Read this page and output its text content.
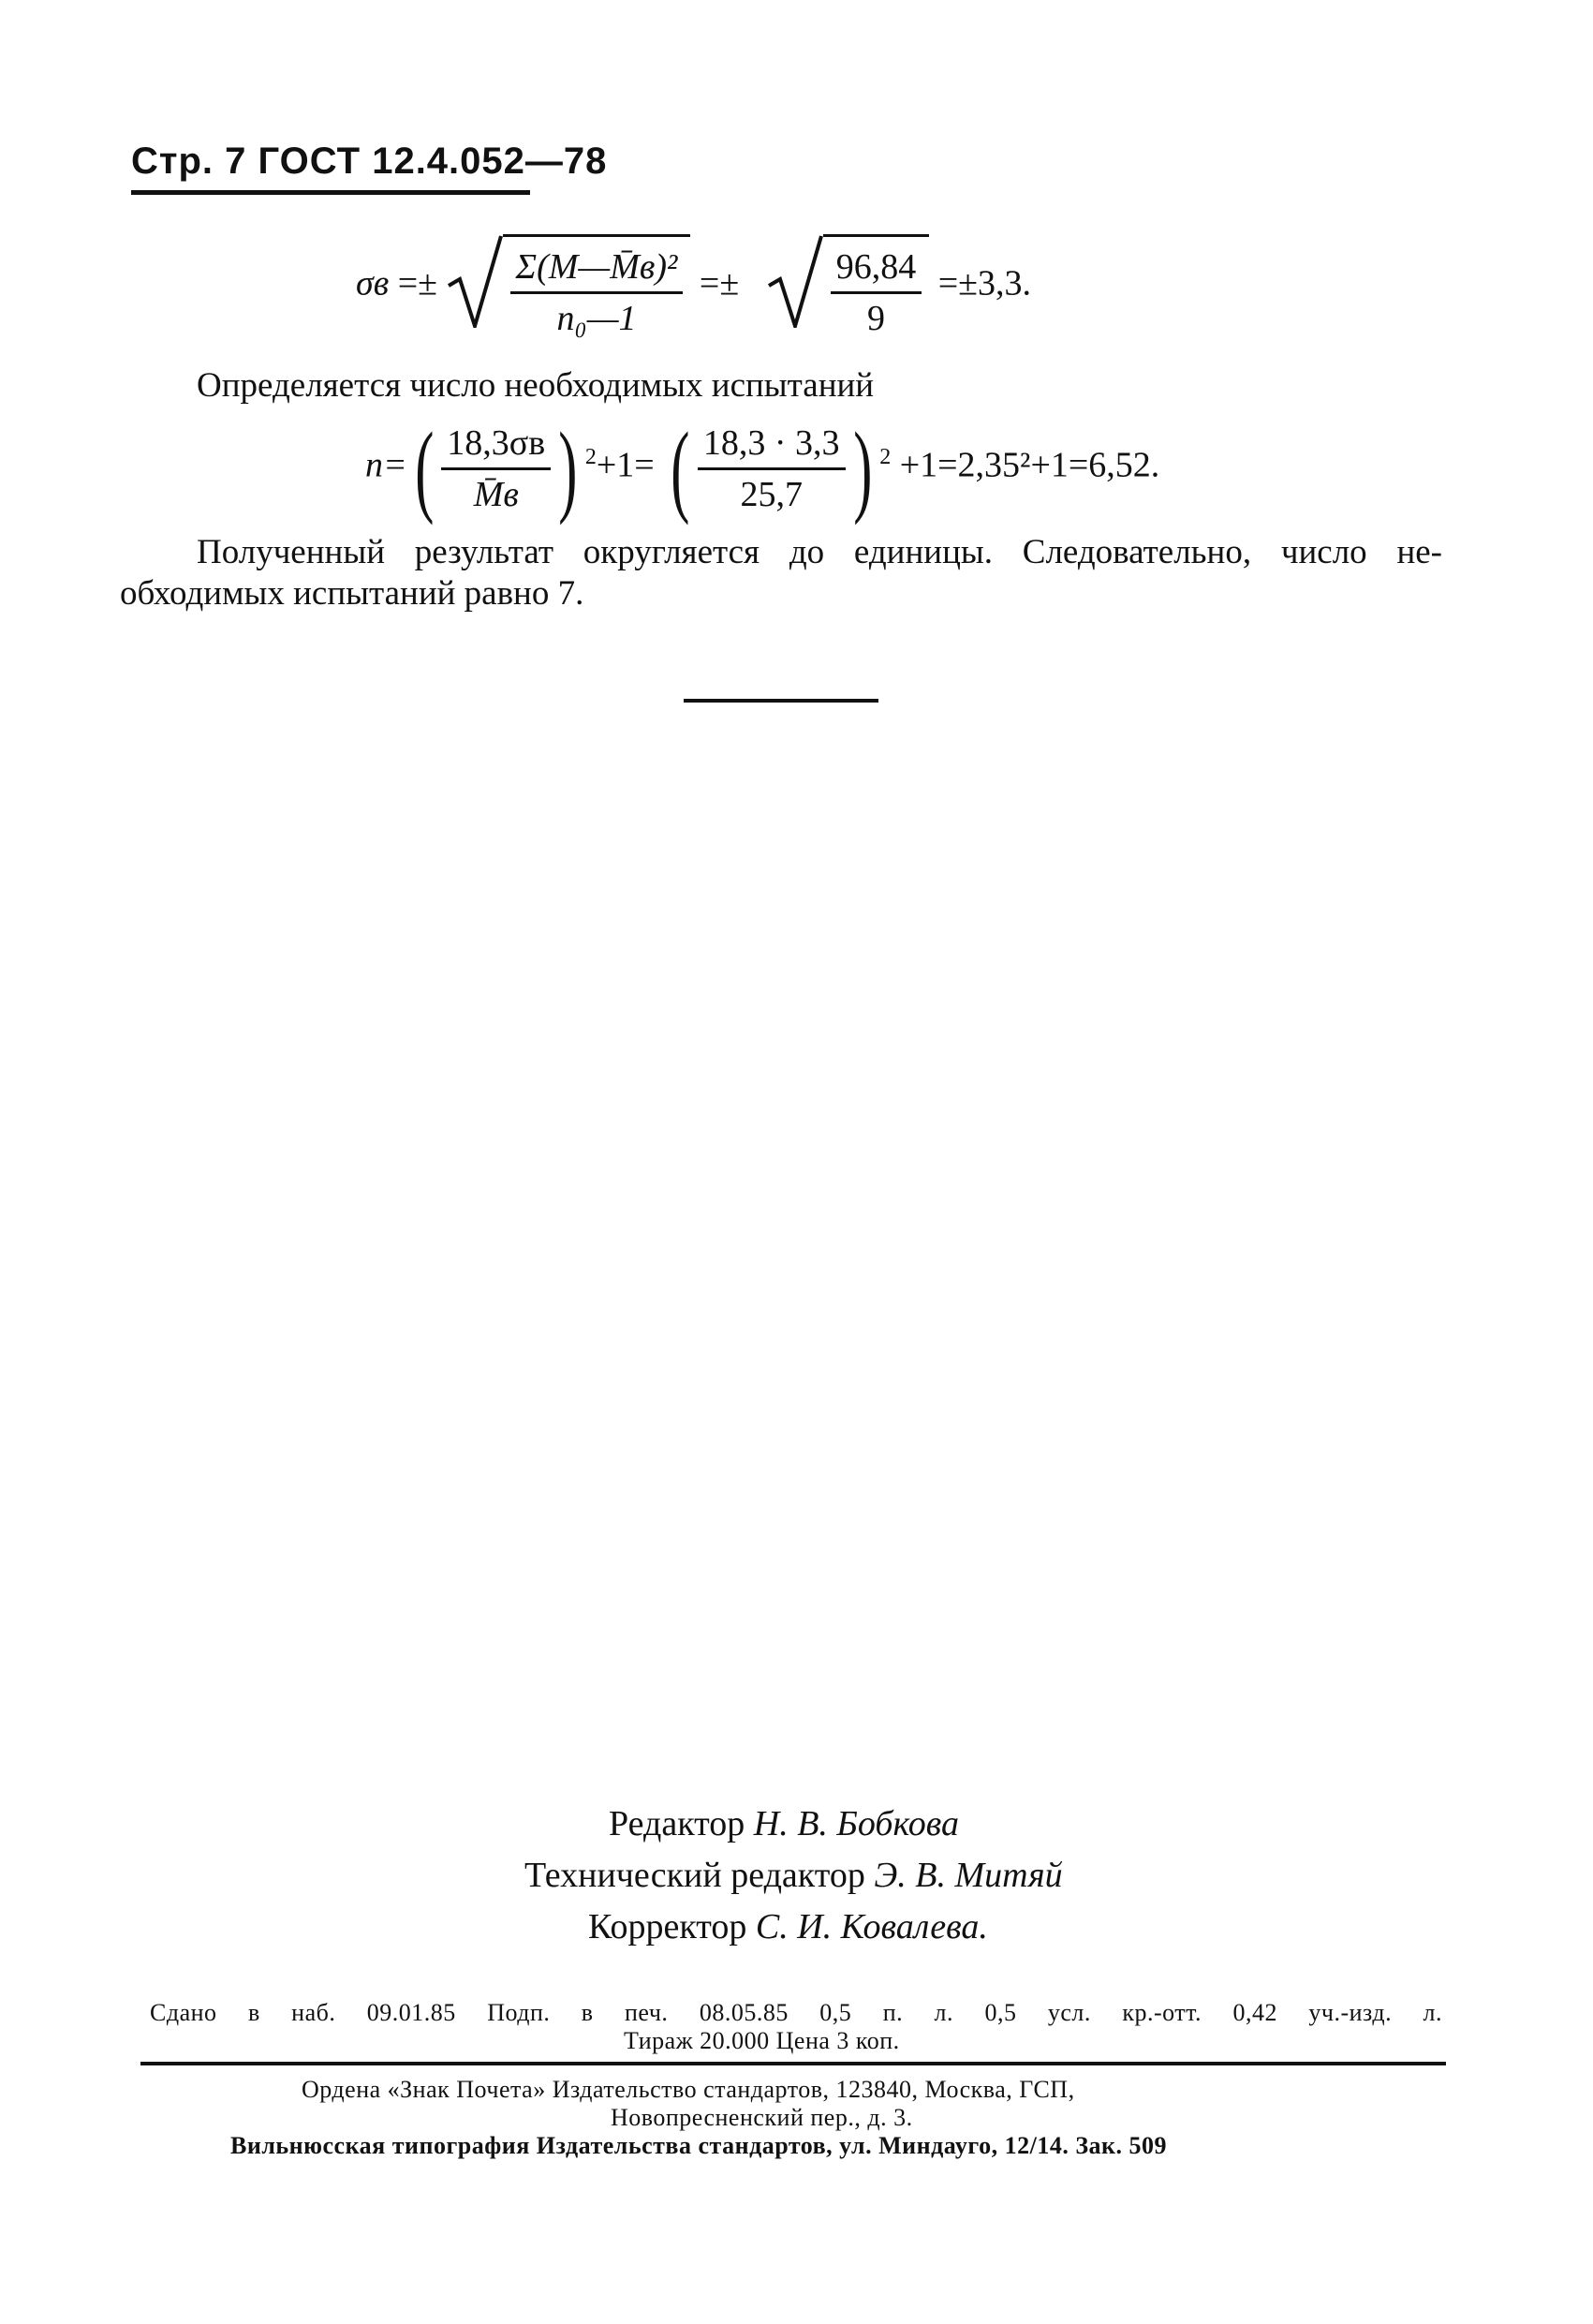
Стр. 7 ГОСТ 12.4.052—78
$\sigma в =\pm \frac{\text{Σ(M—M̄в)²}}{\text{n₀—1}}$ =±	$\frac{96,84}{9} =\pm 3,3$.
Определяется число необходимых испытаний
$n=( \frac{18,3\sigma в}{M̄в}$ ) $^2$+1= ( $\frac{18,3 \cdot 3,3}{25,7}$ ) $^2$ +1=2,35²+1=6,52.
Полученный результат округляется до единицы. Следовательно, число не-
обходимых испытаний равно 7.
Редактор Н. В. Бобкова
Технический редактор Э. В. Митяй
Корректор С. И. Ковалева.
Сдано в наб. 09.01.85 Подп. в печ. 08.05.85 0,5 п. л. 0,5 усл. кр.-отт. 0,42 уч.-изд. л.
Тираж 20.000 Цена 3 коп.
Ордена «Знак Почета» Издательство стандартов, 123840, Москва, ГСП,
Новопресненский пер., д. 3.
Вильнюсская типография Издательства стандартов, ул. Миндауго, 12/14. Зак. 509
